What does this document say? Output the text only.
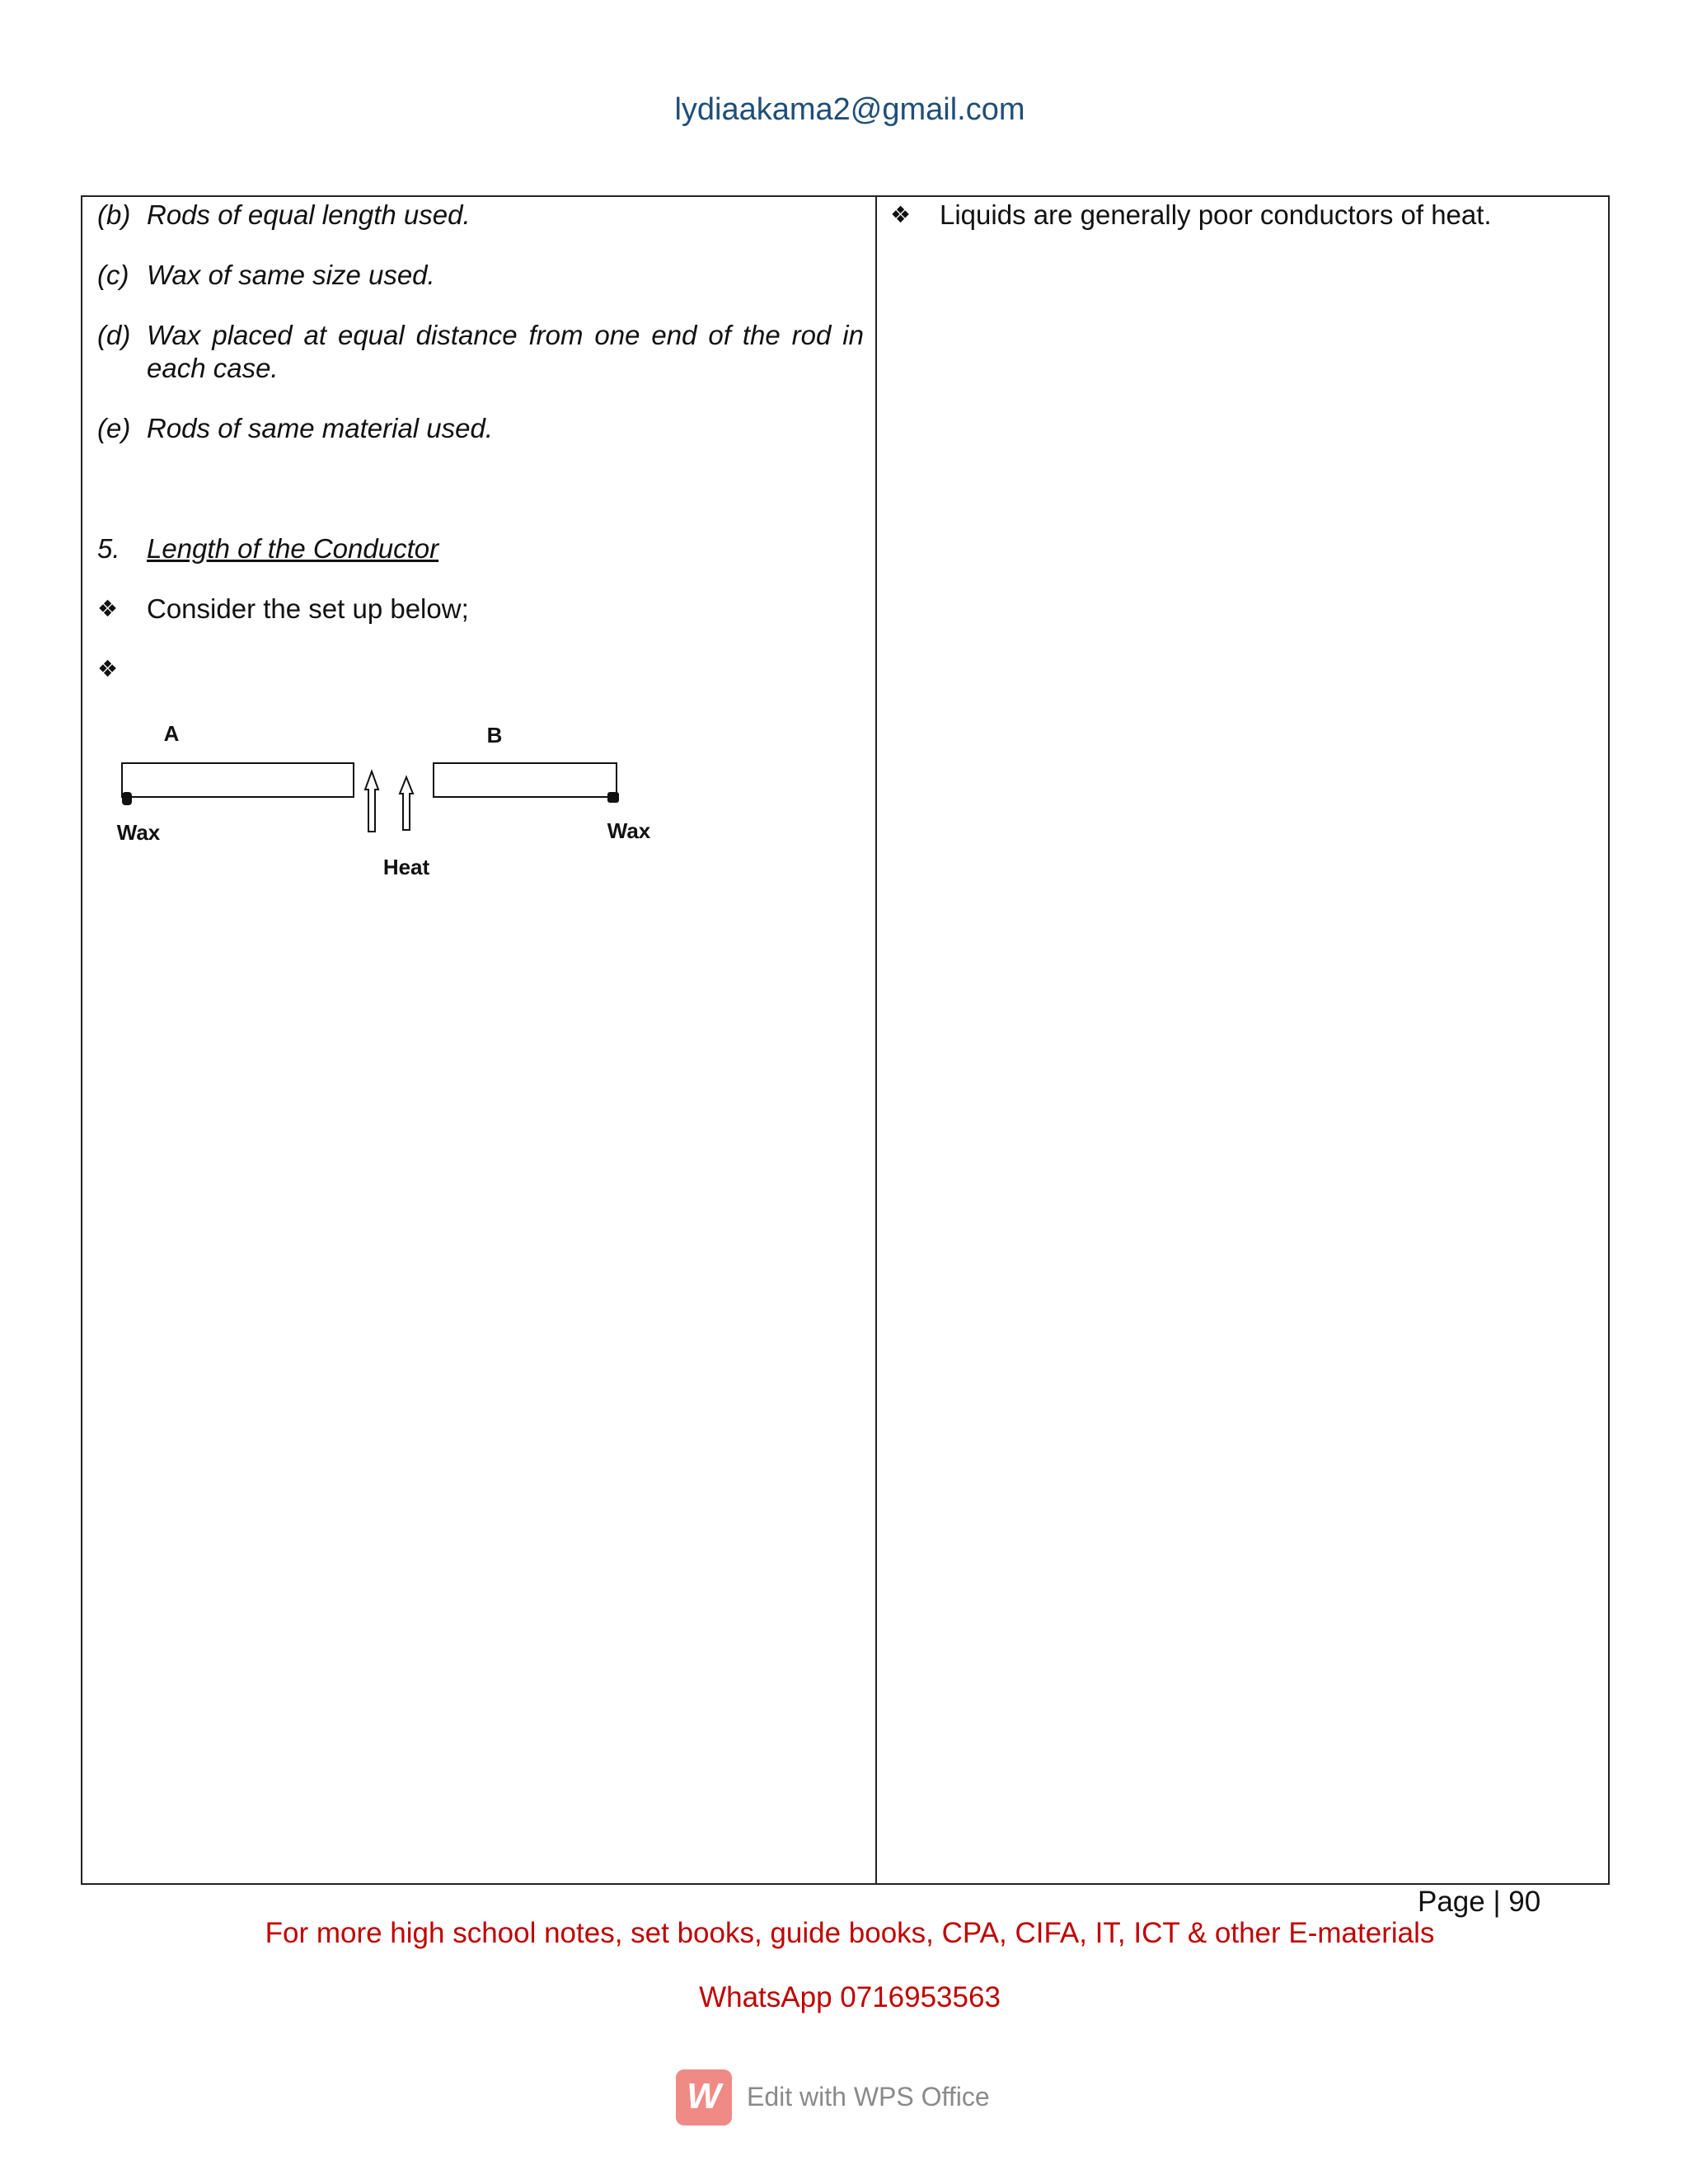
lydiaakama2@gmail.com
(b) Rods of equal length used.
(c) Wax of same size used.
(d) Wax placed at equal distance from one end of the rod in each case.
(e) Rods of same material used.
5. Length of the Conductor
❖ Consider the set up below;
❖
A	B
Wax	Wax
Heat
❖ Liquids are generally poor conductors of heat.
Page | 90
For more high school notes, set books, guide books, CPA, CIFA, IT, ICT & other E-materials
WhatsApp 0716953563
W Edit with WPS Office
